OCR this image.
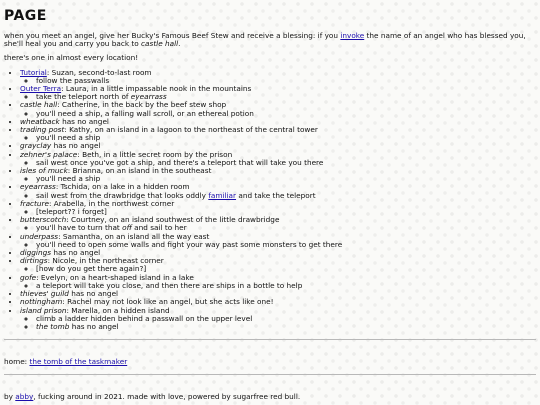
PAGE

when you meet an angel, give her Bucky's Famous Beef Stew and receive a blessing: if you invoke the name of an angel who has blessed you, she'll heal you and carry you back to castle hall.

there's one in almost every location!

• Tutorial: Suzan, second-to-last room
◦ follow the passwalls
• Outer Terra: Laura, in a little impassable nook in the mountains
◦ take the teleport north of eyearrass
• castle hall: Catherine, in the back by the beef stew shop
◦ you'll need a ship, a falling wall scroll, or an ethereal potion
• wheatback has no angel
• trading post: Kathy, on an island in a lagoon to the northeast of the central tower
◦ you'll need a ship
• grayclay has no angel
• zehner's palace: Beth, in a little secret room by the prison
◦ sail west once you've got a ship, and there's a teleport that will take you there
• isles of muck: Brianna, on an island in the southeast
◦ you'll need a ship
• eyearrass: Tschida, on a lake in a hidden room
◦ sail west from the drawbridge that looks oddly familiar and take the teleport
• fracture: Arabella, in the northwest corner
◦ [teleport?? i forget]
• butterscotch: Courtney, on an island southwest of the little drawbridge
◦ you'll have to turn that off and sail to her
• underpass: Samantha, on an island all the way east
◦ you'll need to open some walls and fight your way past some monsters to get there
• diggings has no angel
• dirtings: Nicole, in the northeast corner
◦ [how do you get there again?]
• gofe: Evelyn, on a heart-shaped island in a lake
◦ a teleport will take you close, and then there are ships in a bottle to help
• thieves' guild has no angel
• nottingham: Rachel may not look like an angel, but she acts like one!
• island prison: Marella, on a hidden island
◦ climb a ladder hidden behind a passwall on the upper level
◦ the tomb has no angel

home: the tomb of the taskmaker

by abby, fucking around in 2021. made with love, powered by sugarfree red bull.
